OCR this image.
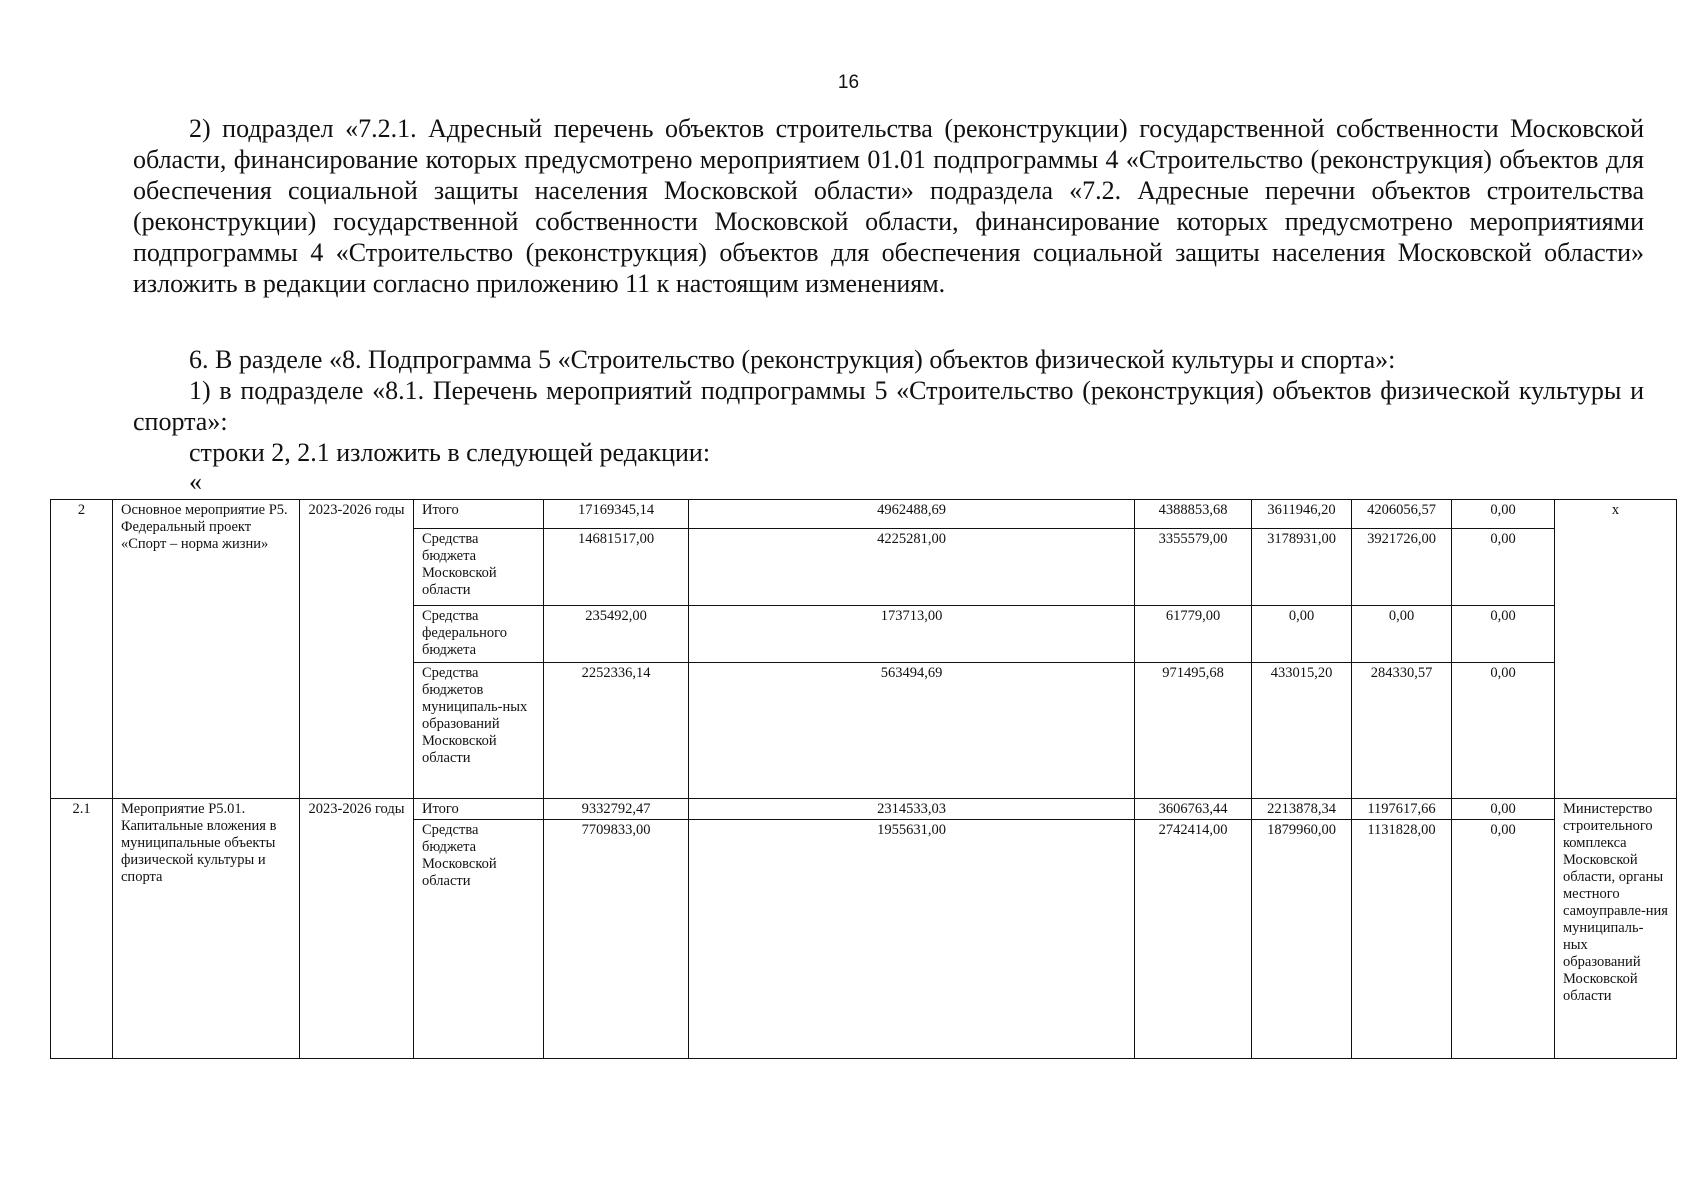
16

2) подраздел «7.2.1. Адресный перечень объектов строительства (реконструкции) государственной собственности Московской области, финансирование которых предусмотрено мероприятием 01.01 подпрограммы 4 «Строительство (реконструкция) объектов для обеспечения социальной защиты населения Московской области» подраздела «7.2. Адресные перечни объектов строительства (реконструкции) государственной собственности Московской области, финансирование которых предусмотрено мероприятиями подпрограммы 4 «Строительство (реконструкция) объектов для обеспечения социальной защиты населения Московской области» изложить в редакции согласно приложению 11 к настоящим изменениям.

6. В разделе «8. Подпрограмма 5 «Строительство (реконструкция) объектов физической культуры и спорта»:

1) в подразделе «8.1. Перечень мероприятий подпрограммы 5 «Строительство (реконструкция) объектов физической культуры и спорта»:

строки 2, 2.1 изложить в следующей редакции:

«

2	Основное мероприятие Р5. Федеральный проект «Спорт – норма жизни»	2023-2026 годы	Итого	17169345,14	4962488,69	4388853,68	3611946,20	4206056,57	0,00	х
			Средства бюджета Московской области	14681517,00	4225281,00	3355579,00	3178931,00	3921726,00	0,00	
			Средства федерального бюджета	235492,00	173713,00	61779,00	0,00	0,00	0,00	
			Средства бюджетов муниципаль-ных образований Московской области	2252336,14	563494,69	971495,68	433015,20	284330,57	0,00	
2.1	Мероприятие Р5.01. Капитальные вложения в муниципальные объекты физической культуры и спорта	2023-2026 годы	Итого	9332792,47	2314533,03	3606763,44	2213878,34	1197617,66	0,00	Министерство строительного комплекса Московской области, органы местного самоуправле-ния муниципаль-ных образований Московской области
			Средства бюджета Московской области	7709833,00	1955631,00	2742414,00	1879960,00	1131828,00	0,00	
